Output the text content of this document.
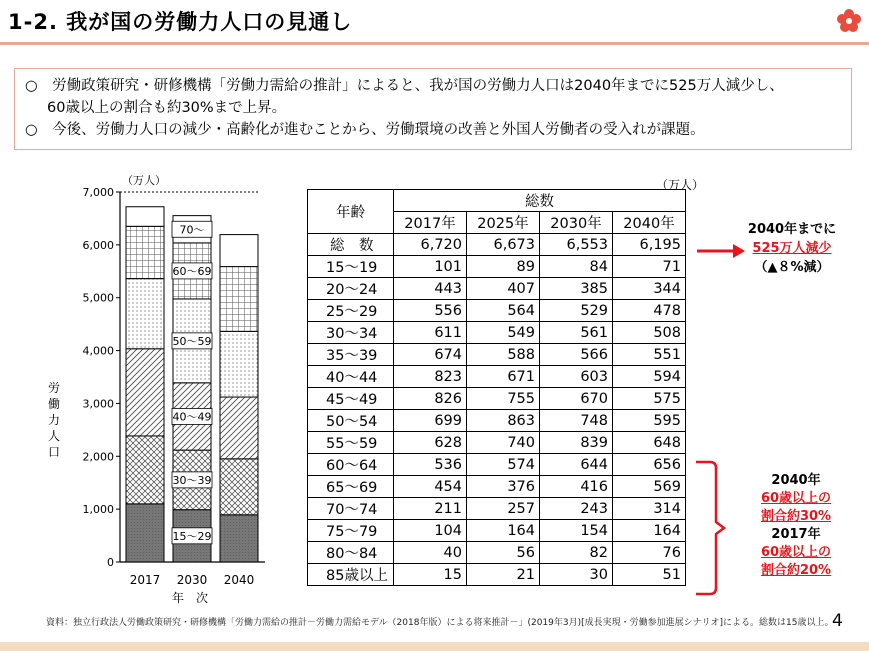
1-2. 我が国の労働力人口の見通し
○　 労働政策研究・研修機構「労働力需給の推計」によると、我が国の労働力人口は2040年までに525万人減少し、
60歳以上の割合も約30%まで上昇。
○　 今後、労働力人口の減少・高齢化が進むことから、労働環境の改善と外国人労働者の受入れが課題。
0
1,000
2,000
3,000
4,000
5,000
6,000
7,000
（万人）
労
働
力
人
口
年　次
2017 2030 2040
15～29
30～39
40～49
50～59
60～69
70～
（万人）
年齢	総数			
	2017年	2025年	2030年	2040年
総　数	6,720	6,673	6,553	6,195
15～19	101	89	84	71
20～24	443	407	385	344
25～29	556	564	529	478
30～34	611	549	561	508
35～39	674	588	566	551
40～44	823	671	603	594
45～49	826	755	670	575
50～54	699	863	748	595
55～59	628	740	839	648
60～64	536	574	644	656
65～69	454	376	416	569
70～74	211	257	243	314
75～79	104	164	154	164
80～84	40	56	82	76
85歳以上	15	21	30	51
2040年までに
525万人減少
（▲８%減）
2040年
60歳以上の
割合約30%
2017年
60歳以上の
割合約20%
資料：独立行政法人労働政策研究・研修機構「労働力需給の推計－労働力需給モデル（2018年版）による将来推計－」(2019年3月)[成長実現・労働参加進展シナリオ]による。総数は15歳以上。
4
